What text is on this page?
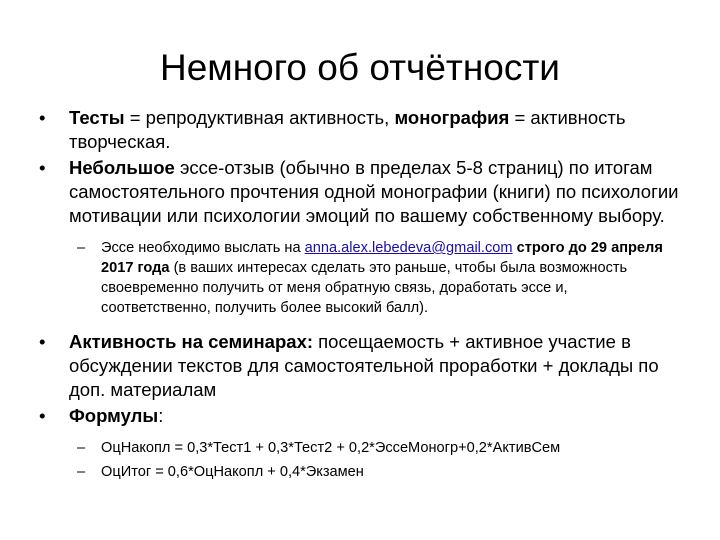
Немного об отчётности
• Тесты = репродуктивная активность, монография = активность творческая.
• Небольшое эссе-отзыв (обычно в пределах 5-8 страниц) по итогам самостоятельного прочтения одной монографии (книги) по психологии мотивации или психологии эмоций по вашему собственному выбору.
– Эссе необходимо выслать на anna.alex.lebedeva@gmail.com строго до 29 апреля 2017 года (в ваших интересах сделать это раньше, чтобы была возможность своевременно получить от меня обратную связь, доработать эссе и, соответственно, получить более высокий балл).
• Активность на семинарах: посещаемость + активное участие в обсуждении текстов для самостоятельной проработки + доклады по доп. материалам
• Формулы:
– ОцНакопл = 0,3*Тест1 + 0,3*Тест2 + 0,2*ЭссеМоногр+0,2*АктивСем
– ОцИтог = 0,6*ОцНакопл + 0,4*Экзамен
